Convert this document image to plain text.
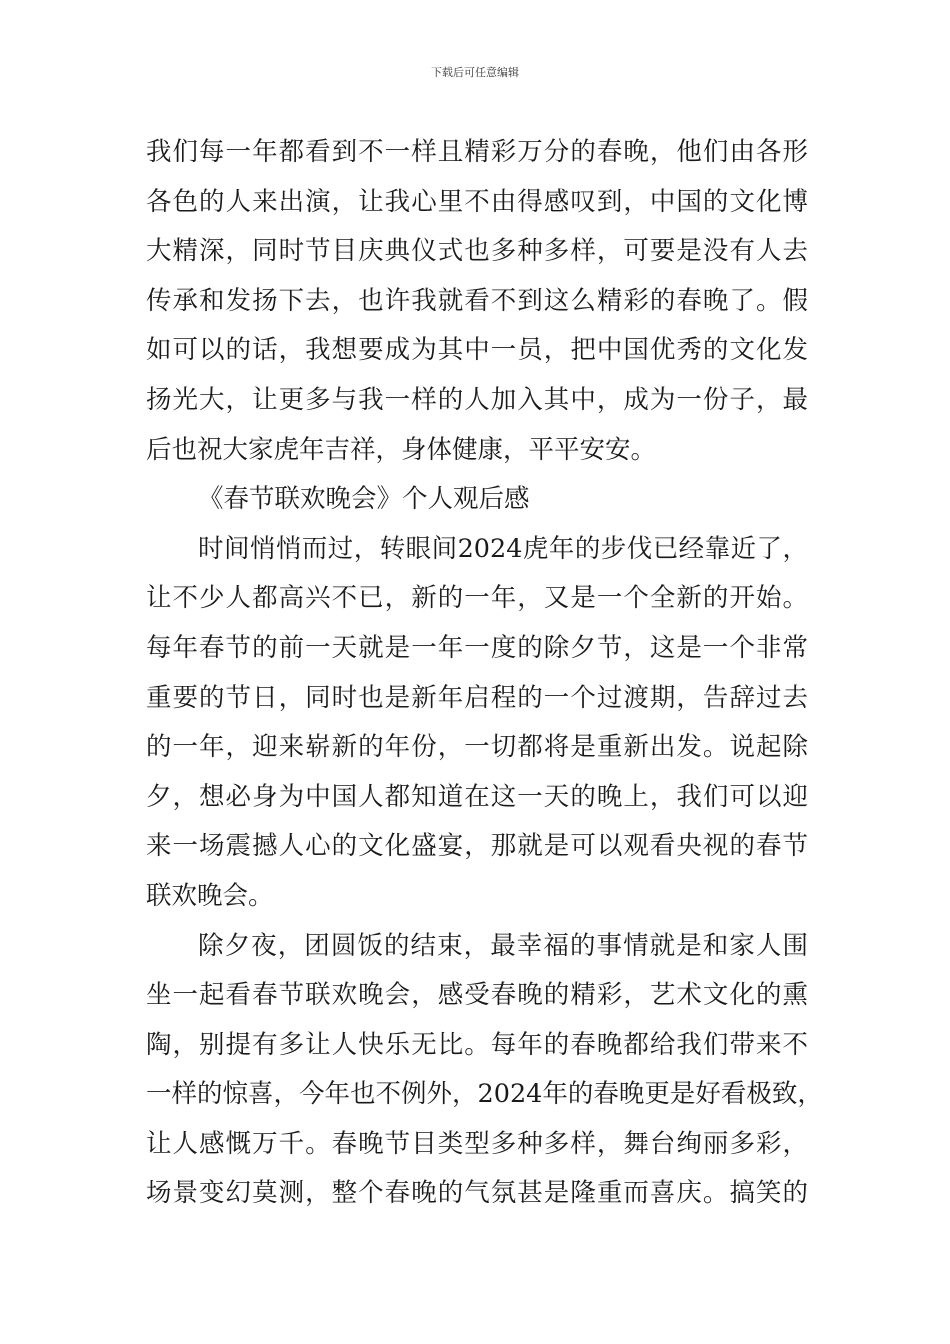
下载后可任意编辑
我们每一年都看到不一样且精彩万分的春晚，他们由各形
各色的人来出演，让我心里不由得感叹到，中国的文化博
大精深，同时节目庆典仪式也多种多样，可要是没有人去
传承和发扬下去，也许我就看不到这么精彩的春晚了。假
如可以的话，我想要成为其中一员，把中国优秀的文化发
扬光大，让更多与我一样的人加入其中，成为一份子，最
后也祝大家虎年吉祥，身体健康，平平安安。
《春节联欢晚会》个人观后感
时间悄悄而过，转眼间2024虎年的步伐已经靠近了，
让不少人都高兴不已，新的一年，又是一个全新的开始。
每年春节的前一天就是一年一度的除夕节，这是一个非常
重要的节日，同时也是新年启程的一个过渡期，告辞过去
的一年，迎来崭新的年份，一切都将是重新出发。说起除
夕，想必身为中国人都知道在这一天的晚上，我们可以迎
来一场震撼人心的文化盛宴，那就是可以观看央视的春节
联欢晚会。
除夕夜，团圆饭的结束，最幸福的事情就是和家人围
坐一起看春节联欢晚会，感受春晚的精彩，艺术文化的熏
陶，别提有多让人快乐无比。每年的春晚都给我们带来不
一样的惊喜，今年也不例外，2024年的春晚更是好看极致，
让人感慨万千。春晚节目类型多种多样，舞台绚丽多彩，
场景变幻莫测，整个春晚的气氛甚是隆重而喜庆。搞笑的
